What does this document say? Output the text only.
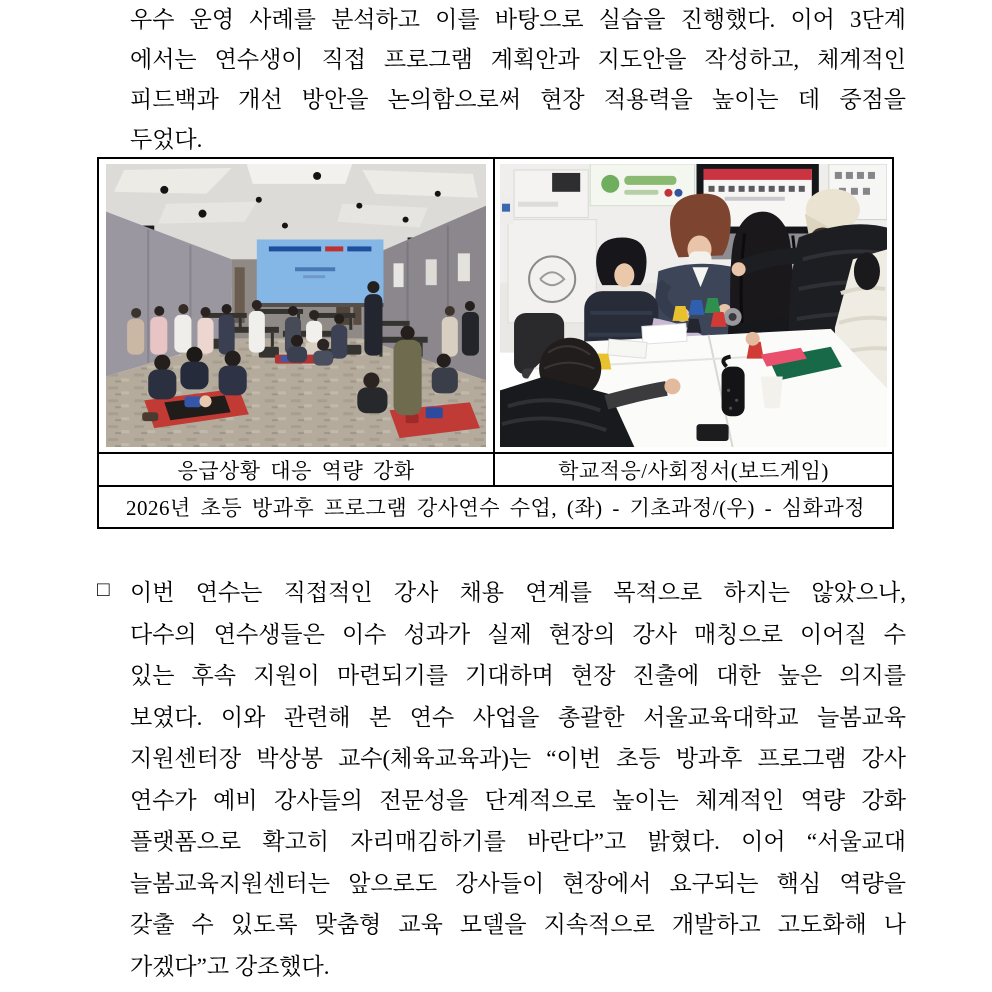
우수 운영 사례를 분석하고 이를 바탕으로 실습을 진행했다. 이어 3단계
에서는 연수생이 직접 프로그램 계획안과 지도안을 작성하고, 체계적인
피드백과 개선 방안을 논의함으로써 현장 적용력을 높이는 데 중점을
두었다.
응급상황 대응 역량 강화	학교적응/사회정서(보드게임)
2026년 초등 방과후 프로그램 강사연수 수업, (좌) - 기초과정/(우) - 심화과정
□ 이번 연수는 직접적인 강사 채용 연계를 목적으로 하지는 않았으나,
다수의 연수생들은 이수 성과가 실제 현장의 강사 매칭으로 이어질 수
있는 후속 지원이 마련되기를 기대하며 현장 진출에 대한 높은 의지를
보였다. 이와 관련해 본 연수 사업을 총괄한 서울교육대학교 늘봄교육
지원센터장 박상봉 교수(체육교육과)는 “이번 초등 방과후 프로그램 강사
연수가 예비 강사들의 전문성을 단계적으로 높이는 체계적인 역량 강화
플랫폼으로 확고히 자리매김하기를 바란다”고 밝혔다. 이어 “서울교대
늘봄교육지원센터는 앞으로도 강사들이 현장에서 요구되는 핵심 역량을
갖출 수 있도록 맞춤형 교육 모델을 지속적으로 개발하고 고도화해 나
가겠다”고 강조했다.
